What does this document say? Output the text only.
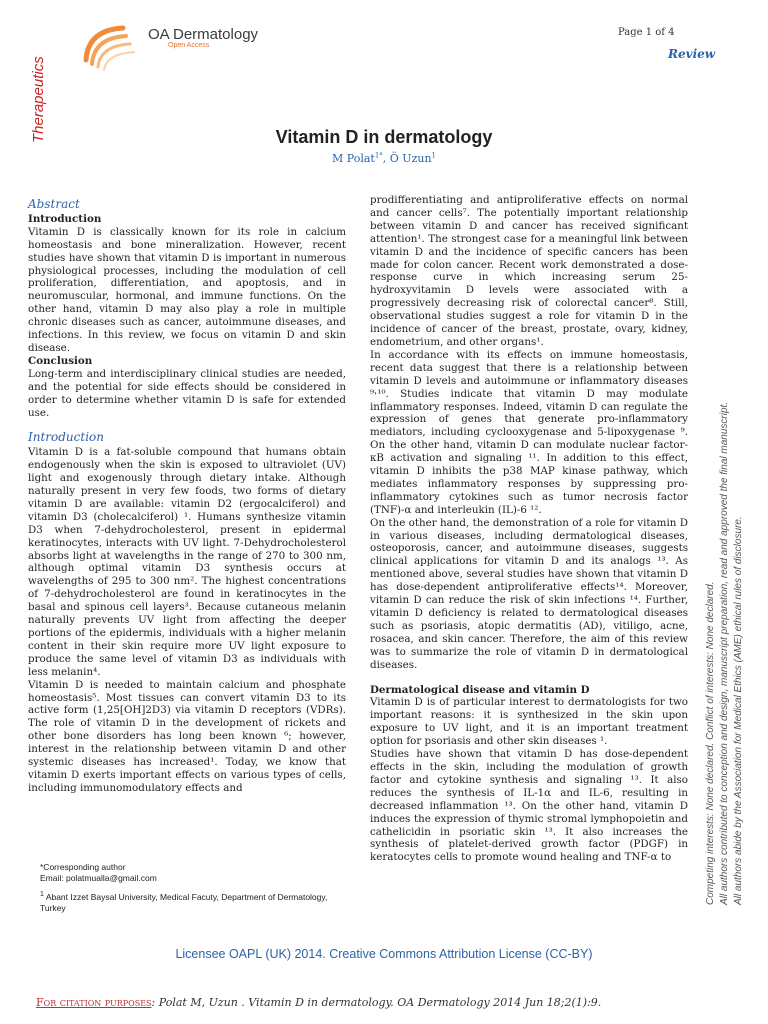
OA Dermatology
Open Access
Therapeutics
Page 1 of 4
Review
Vitamin D in dermatology
M Polat$^{1*}$, Ö Uzun$^1$
Abstract
Introduction

Vitamin D is classically known for its role in calcium homeostasis and bone mineralization. However, recent studies have shown that vitamin D is important in numerous physiological processes, including the modulation of cell proliferation, differentiation, and apoptosis, and in neuromuscular, hormonal, and immune functions. On the other hand, vitamin D may also play a role in multiple chronic diseases such as cancer, autoimmune diseases, and infections. In this review, we focus on vitamin D and skin disease.

Conclusion

Long-term and interdisciplinary clinical studies are needed, and the potential for side effects should be considered in order to determine whether vitamin D is safe for extended use.

Introduction

Vitamin D is a fat-soluble compound that humans obtain endogenously when the skin is exposed to ultraviolet (UV) light and exogenously through dietary intake. Although naturally present in very few foods, two forms of dietary vitamin D are available: vitamin D2 (ergocalciferol) and vitamin D3 (cholecalciferol) ¹. Humans synthesize vitamin D3 when 7-dehydrocholesterol, present in epidermal keratinocytes, interacts with UV light. 7-Dehydrocholesterol absorbs light at wavelengths in the range of 270 to 300 nm, although optimal vitamin D3 synthesis occurs at wavelengths of 295 to 300 nm². The highest concentrations of 7-dehydrocholesterol are found in keratinocytes in the basal and spinous cell layers³. Because cutaneous melanin naturally prevents UV light from affecting the deeper portions of the epidermis, individuals with a higher melanin content in their skin require more UV light exposure to produce the same level of vitamin D3 as individuals with less melanin⁴.

Vitamin D is needed to maintain calcium and phosphate homeostasis⁵. Most tissues can convert vitamin D3 to its active form (1,25[OH]2D3) via vitamin D receptors (VDRs). The role of vitamin D in the development of rickets and other bone disorders has long been known ⁶; however, interest in the relationship between vitamin D and other systemic diseases has increased¹. Today, we know that vitamin D exerts important effects on various types of cells, including immunomodulatory effects and

*Corresponding author
Email: polatmualla@gmail.com
$^1$ Abant Izzet Baysal University, Medical Facuty, Department of Dermatology, Turkey

prodifferentiating and antiproliferative effects on normal and cancer cells⁷. The potentially important relationship between vitamin D and cancer has received significant attention¹. The strongest case for a meaningful link between vitamin D and the incidence of specific cancers has been made for colon cancer. Recent work demonstrated a dose-response curve in which increasing serum 25-hydroxyvitamin D levels were associated with a progressively decreasing risk of colorectal cancer⁸. Still, observational studies suggest a role for vitamin D in the incidence of cancer of the breast, prostate, ovary, kidney, endometrium, and other organs¹.

In accordance with its effects on immune homeostasis, recent data suggest that there is a relationship between vitamin D levels and autoimmune or inflammatory diseases ⁹˒¹⁰. Studies indicate that vitamin D may modulate inflammatory responses. Indeed, vitamin D can regulate the expression of genes that generate pro-inflammatory mediators, including cyclooxygenase and 5-lipoxygenase ⁹. On the other hand, vitamin D can modulate nuclear factor-κB activation and signaling ¹¹. In addition to this effect, vitamin D inhibits the p38 MAP kinase pathway, which mediates inflammatory responses by suppressing pro-inflammatory cytokines such as tumor necrosis factor (TNF)-α and interleukin (IL)-6 ¹².

On the other hand, the demonstration of a role for vitamin D in various diseases, including dermatological diseases, osteoporosis, cancer, and autoimmune diseases, suggests clinical applications for vitamin D and its analogs ¹³. As mentioned above, several studies have shown that vitamin D has dose-dependent antiproliferative effects¹⁴. Moreover, vitamin D can reduce the risk of skin infections ¹⁴. Further, vitamin D deficiency is related to dermatological diseases such as psoriasis, atopic dermatitis (AD), vitiligo, acne, rosacea, and skin cancer. Therefore, the aim of this review was to summarize the role of vitamin D in dermatological diseases.

Dermatological disease and vitamin D

Vitamin D is of particular interest to dermatologists for two important reasons: it is synthesized in the skin upon exposure to UV light, and it is an important treatment option for psoriasis and other skin diseases ¹.

Studies have shown that vitamin D has dose-dependent effects in the skin, including the modulation of growth factor and cytokine synthesis and signaling ¹³. It also reduces the synthesis of IL-1α and IL-6, resulting in decreased inflammation ¹³. On the other hand, vitamin D induces the expression of thymic stromal lymphopoietin and cathelicidin in psoriatic skin ¹³. It also increases the synthesis of platelet-derived growth factor (PDGF) in keratocytes cells to promote wound healing and TNF-α to	Competing interests: None declared. Conflict of interests: None declared. All authors contributed to conception and design, manuscript preparation, read and approved the final manuscript. All authors abide by the Association for Medical Ethics (AME) ethical rules of disclosure.
Licensee OAPL (UK) 2014. Creative Commons Attribution License (CC-BY)
For citation purposes: Polat M, Uzun . Vitamin D in dermatology. OA Dermatology 2014 Jun 18;2(1):9.
